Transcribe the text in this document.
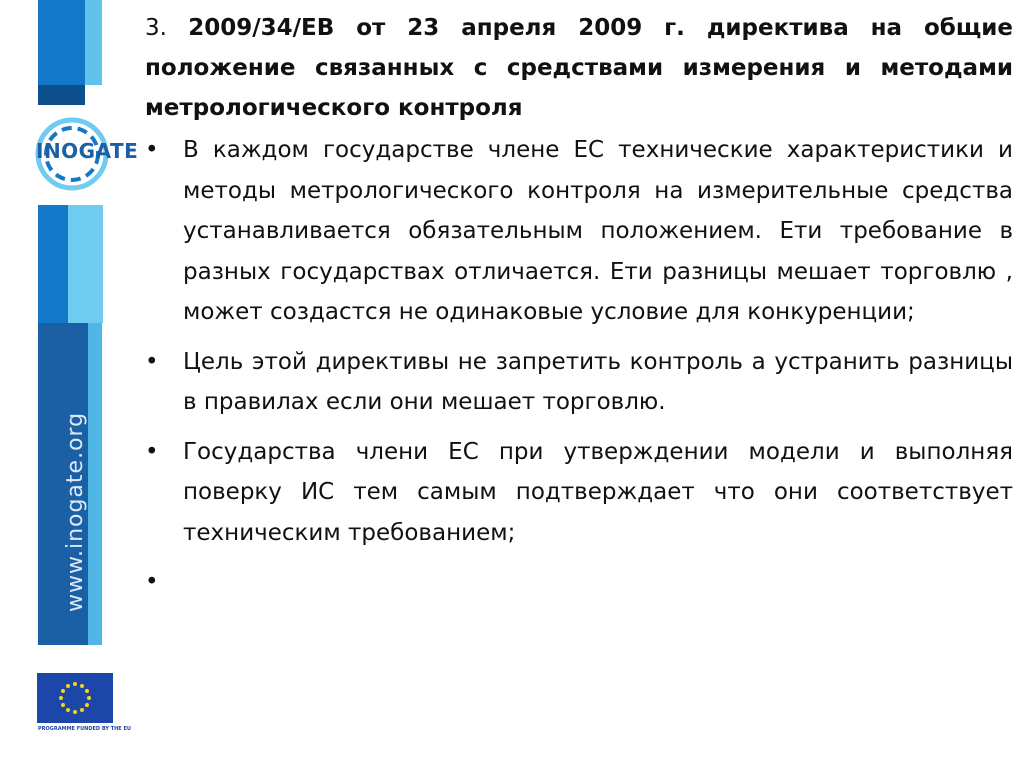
INOGATE
www.inogate.org
PROGRAMME FUNDED BY THE EU

3. 2009/34/ЕВ от 23 апреля 2009 г. директива на общие положение связанных с средствами измерения и методами метрологического контроля

• В каждом государстве члене ЕС технические характеристики и методы метрологического контроля на измерительные средства устанавливается обязательным положением. Ети требование в разных государствах отличается. Ети разницы мешает торговлю , может создастся не одинаковые условие для конкуренции;
• Цель этой директивы не запретить контроль а устранить разницы в правилах если они мешает торговлю.
• Государства члени ЕС при утверждении модели и выполняя поверку ИС тем самым подтверждает что они соответствует техническим требованием;
•
